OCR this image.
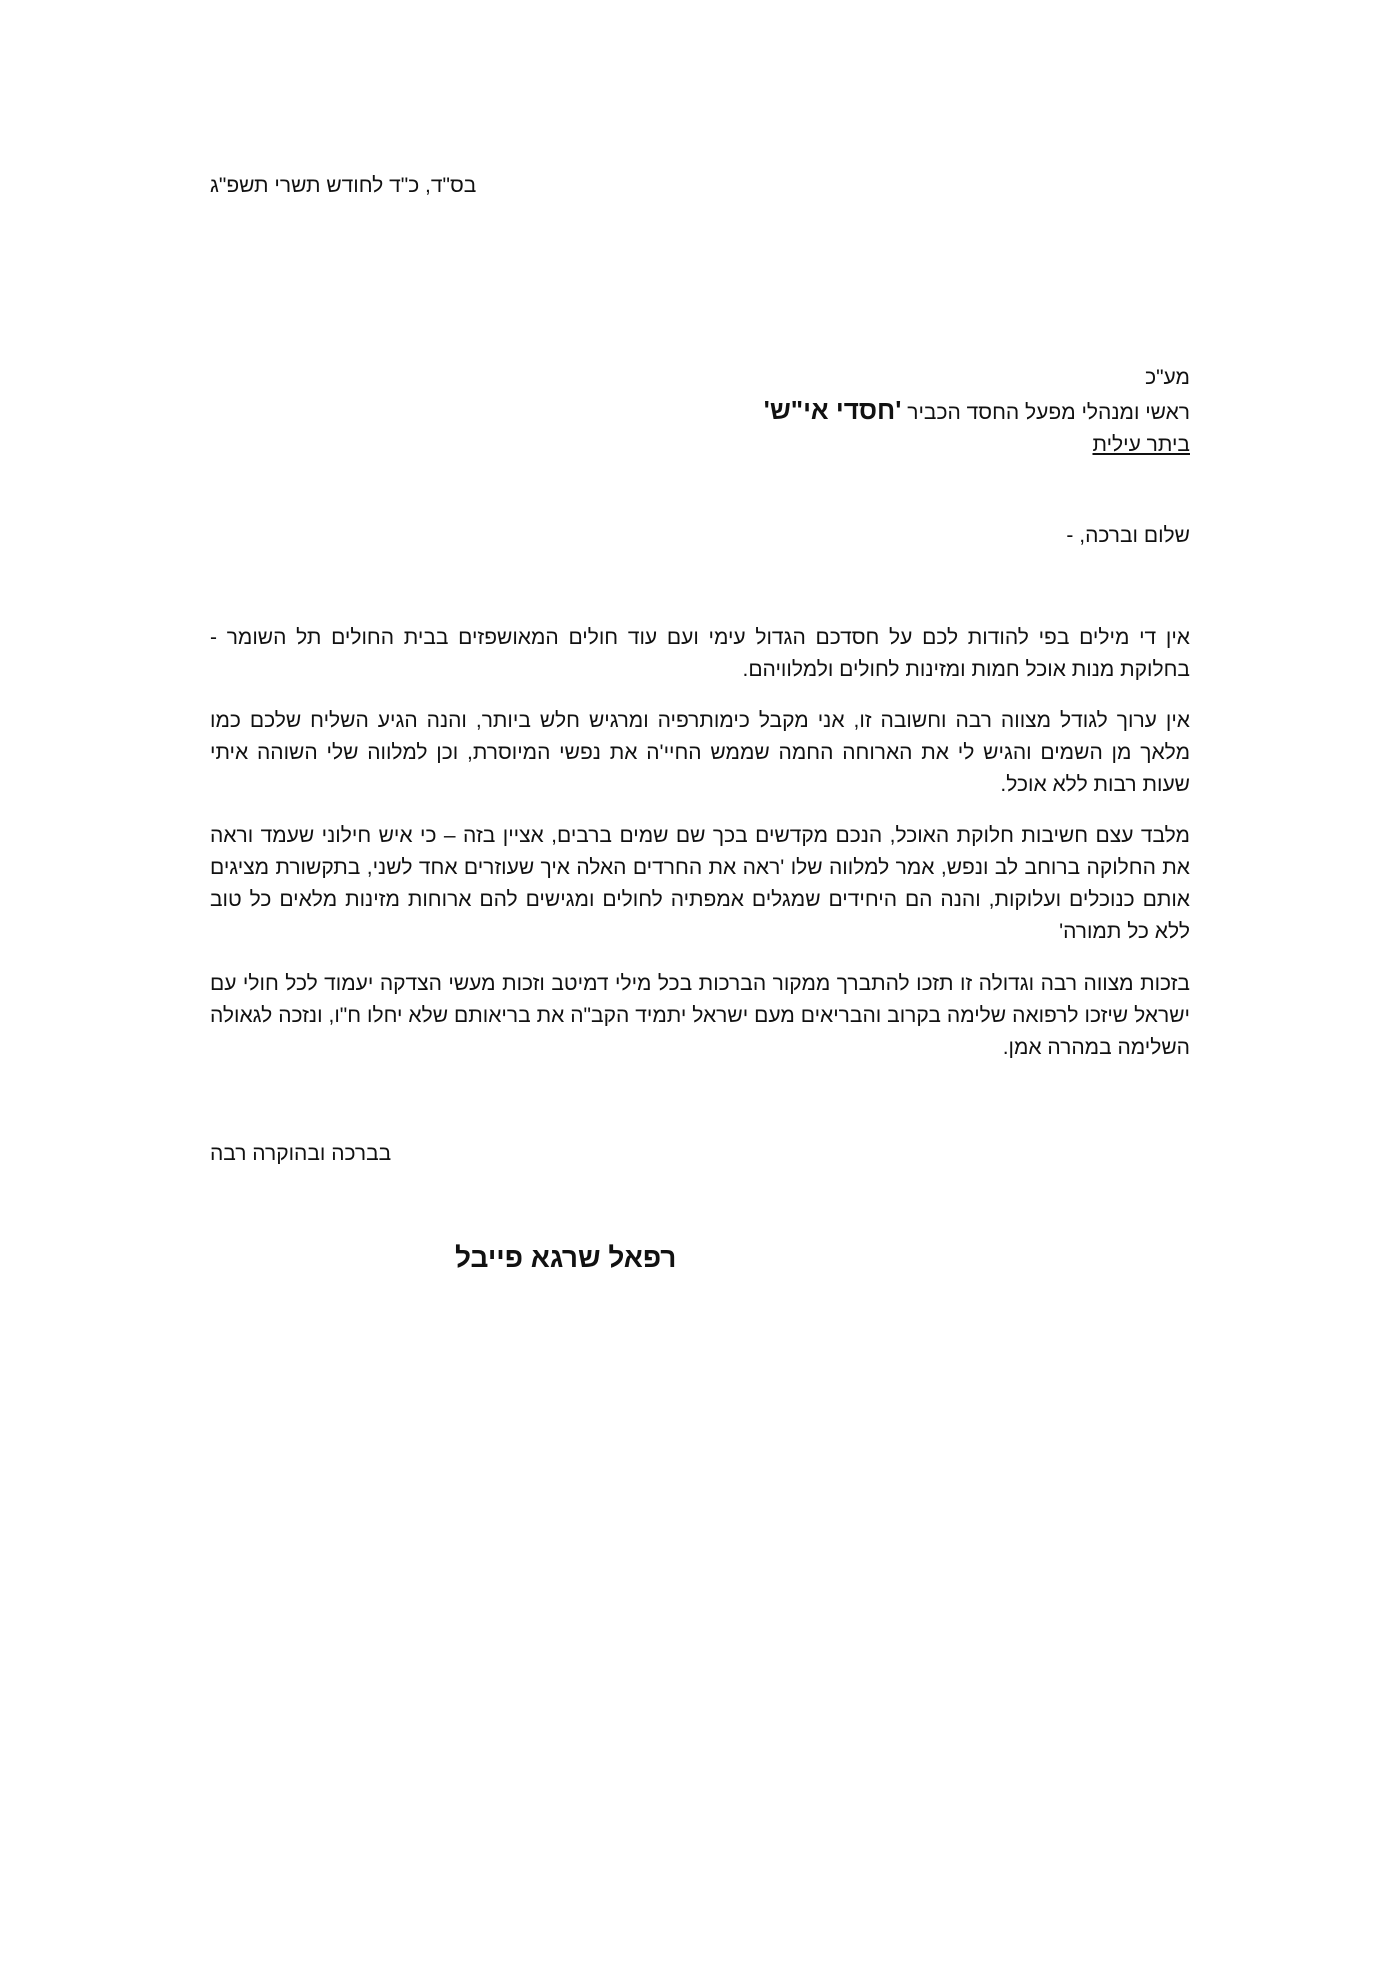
בס"ד, כ"ד לחודש תשרי תשפ"ג
מע"כ
ראשי ומנהלי מפעל החסד הכביר 'חסדי אי"ש'
ביתר עילית
שלום וברכה, -

אין די מילים בפי להודות לכם על חסדכם הגדול עימי ועם עוד חולים המאושפזים בבית החולים תל השומר - בחלוקת מנות אוכל חמות ומזינות לחולים ולמלוויהם.

אין ערוך לגודל מצווה רבה וחשובה זו, אני מקבל כימותרפיה ומרגיש חלש ביותר, והנה הגיע השליח שלכם כמו מלאך מן השמים והגיש לי את הארוחה החמה שממש החיי'ה את נפשי המיוסרת, וכן למלווה שלי השוהה איתי שעות רבות ללא אוכל.

מלבד עצם חשיבות חלוקת האוכל, הנכם מקדשים בכך שם שמים ברבים, אציין בזה – כי איש חילוני שעמד וראה את החלוקה ברוחב לב ונפש, אמר למלווה שלו 'ראה את החרדים האלה איך שעוזרים אחד לשני, בתקשורת מציגים אותם כנוכלים ועלוקות, והנה הם היחידים שמגלים אמפתיה לחולים ומגישים להם ארוחות מזינות מלאים כל טוב ללא כל תמורה'

בזכות מצווה רבה וגדולה זו תזכו להתברך ממקור הברכות בכל מילי דמיטב וזכות מעשי הצדקה יעמוד לכל חולי עם ישראל שיזכו לרפואה שלימה בקרוב והבריאים מעם ישראל יתמיד הקב"ה את בריאותם שלא יחלו ח"ו, ונזכה לגאולה השלימה במהרה אמן.

בברכה ובהוקרה רבה
רפאל שרגא פייבל
